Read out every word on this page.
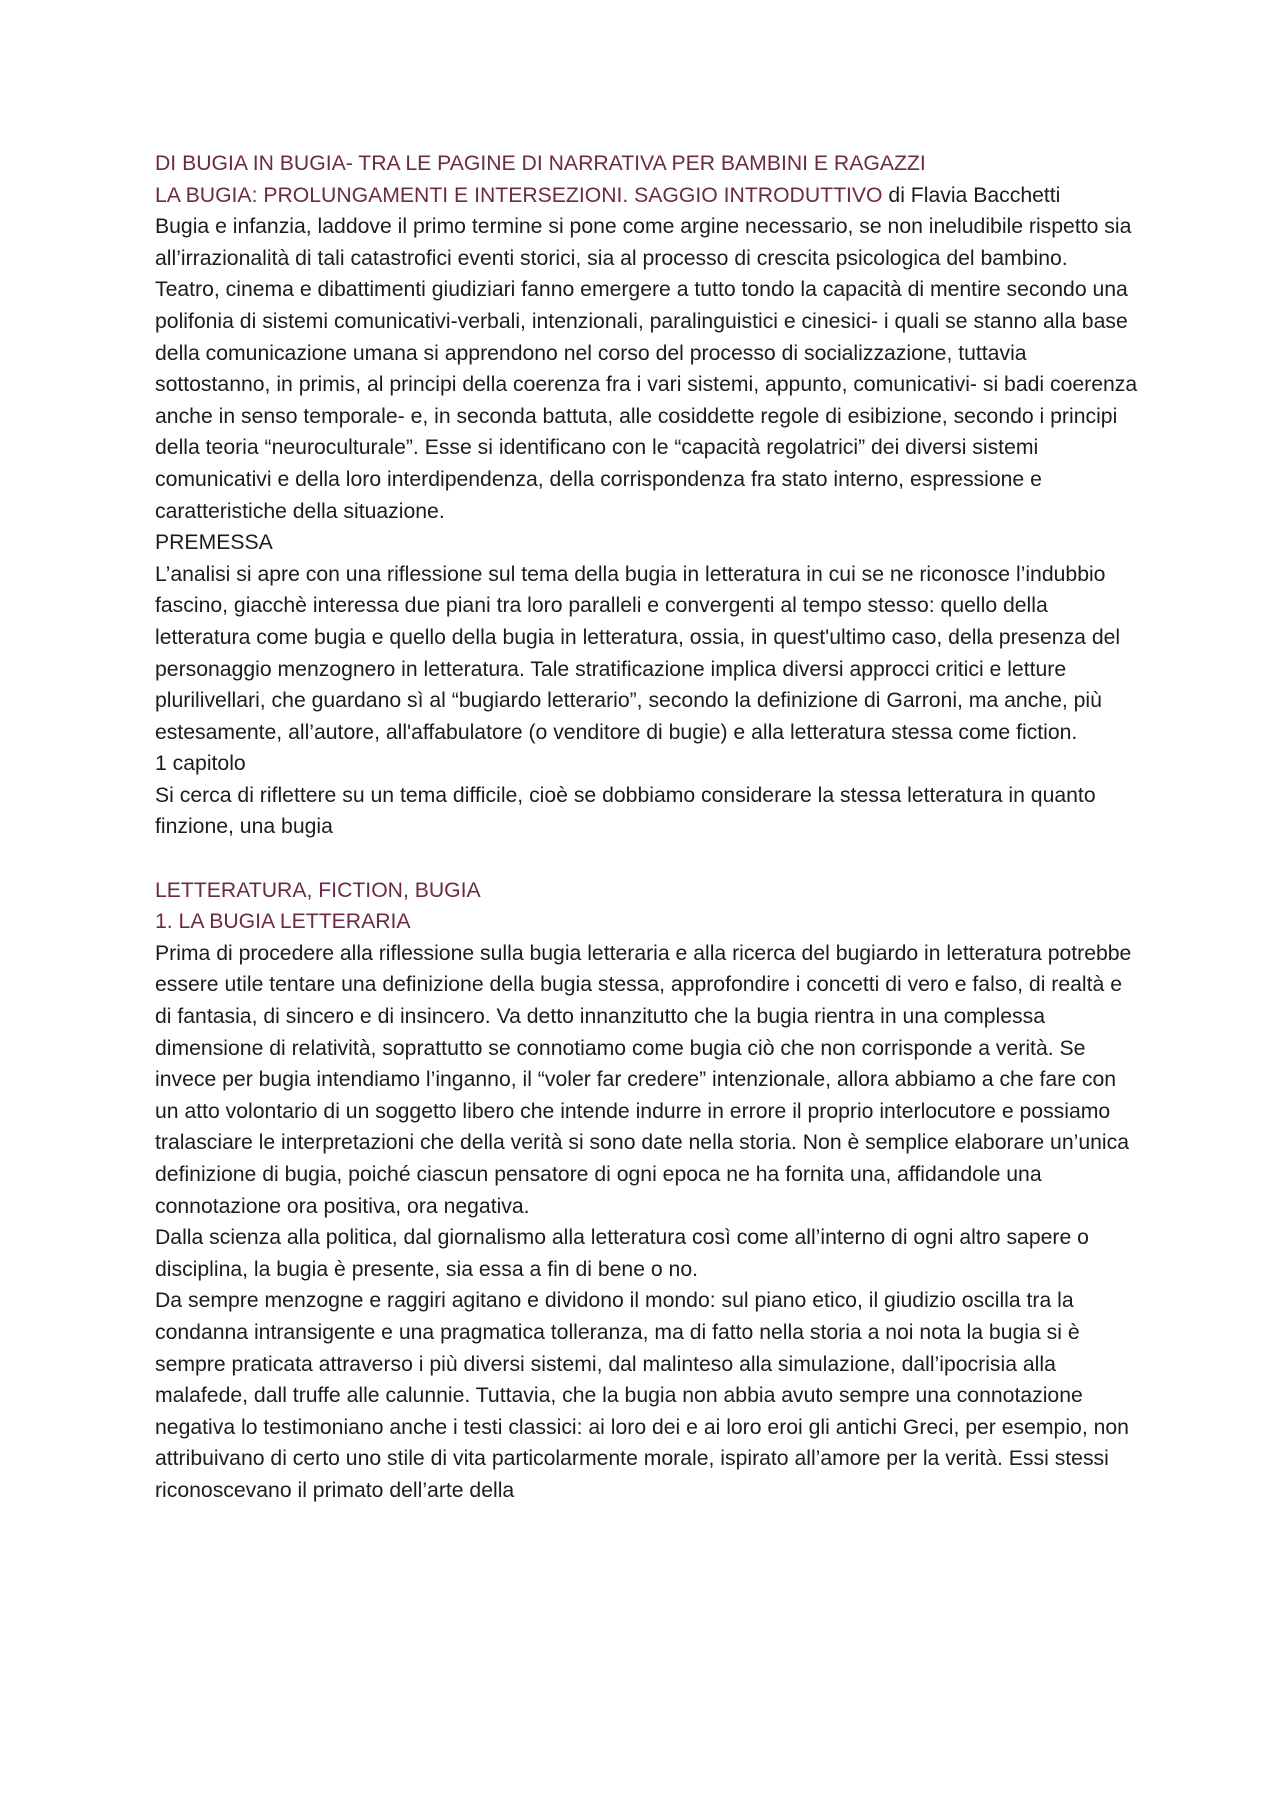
DI BUGIA IN BUGIA- TRA LE PAGINE DI NARRATIVA PER BAMBINI E RAGAZZI

LA BUGIA: PROLUNGAMENTI E INTERSEZIONI. SAGGIO INTRODUTTIVO di Flavia Bacchetti

Bugia e infanzia, laddove il primo termine si pone come argine necessario, se non ineludibile rispetto sia all’irrazionalità di tali catastrofici eventi storici, sia al processo di crescita psicologica del bambino.

Teatro, cinema e dibattimenti giudiziari fanno emergere a tutto tondo la capacità di mentire secondo una polifonia di sistemi comunicativi-verbali, intenzionali, paralinguistici e cinesici- i quali se stanno alla base della comunicazione umana si apprendono nel corso del processo di socializzazione, tuttavia sottostanno, in primis, al principi della coerenza fra i vari sistemi, appunto, comunicativi- si badi coerenza anche in senso temporale- e, in seconda battuta, alle cosiddette regole di esibizione, secondo i principi della teoria “neuroculturale”. Esse si identificano con le “capacità regolatrici” dei diversi sistemi comunicativi e della loro interdipendenza, della corrispondenza fra stato interno, espressione e caratteristiche della situazione.

PREMESSA

L’analisi si apre con una riflessione sul tema della bugia in letteratura in cui se ne riconosce l’indubbio fascino, giacchè interessa due piani tra loro paralleli e convergenti al tempo stesso: quello della letteratura come bugia e quello della bugia in letteratura, ossia, in quest'ultimo caso, della presenza del personaggio menzognero in letteratura. Tale stratificazione implica diversi approcci critici e letture plurilivellari, che guardano sì al “bugiardo letterario”, secondo la definizione di Garroni, ma anche, più estesamente, all’autore, all'affabulatore (o venditore di bugie) e alla letteratura stessa come fiction.

1 capitolo

Si cerca di riflettere su un tema difficile, cioè se dobbiamo considerare la stessa letteratura in quanto finzione, una bugia

LETTERATURA, FICTION, BUGIA

1. LA BUGIA LETTERARIA

Prima di procedere alla riflessione sulla bugia letteraria e alla ricerca del bugiardo in letteratura potrebbe essere utile tentare una definizione della bugia stessa, approfondire i concetti di vero e falso, di realtà e di fantasia, di sincero e di insincero. Va detto innanzitutto che la bugia rientra in una complessa dimensione di relatività, soprattutto se connotiamo come bugia ciò che non corrisponde a verità. Se invece per bugia intendiamo l’inganno, il “voler far credere” intenzionale, allora abbiamo a che fare con un atto volontario di un soggetto libero che intende indurre in errore il proprio interlocutore e possiamo tralasciare le interpretazioni che della verità si sono date nella storia. Non è semplice elaborare un’unica definizione di bugia, poiché ciascun pensatore di ogni epoca ne ha fornita una, affidandole una connotazione ora positiva, ora negativa.

Dalla scienza alla politica, dal giornalismo alla letteratura così come all’interno di ogni altro sapere o disciplina, la bugia è presente, sia essa a fin di bene o no.

Da sempre menzogne e raggiri agitano e dividono il mondo: sul piano etico, il giudizio oscilla tra la condanna intransigente e una pragmatica tolleranza, ma di fatto nella storia a noi nota la bugia si è sempre praticata attraverso i più diversi sistemi, dal malinteso alla simulazione, dall’ipocrisia alla malafede, dall truffe alle calunnie. Tuttavia, che la bugia non abbia avuto sempre una connotazione negativa lo testimoniano anche i testi classici: ai loro dei e ai loro eroi gli antichi Greci, per esempio, non attribuivano di certo uno stile di vita particolarmente morale, ispirato all’amore per la verità. Essi stessi riconoscevano il primato dell’arte della
